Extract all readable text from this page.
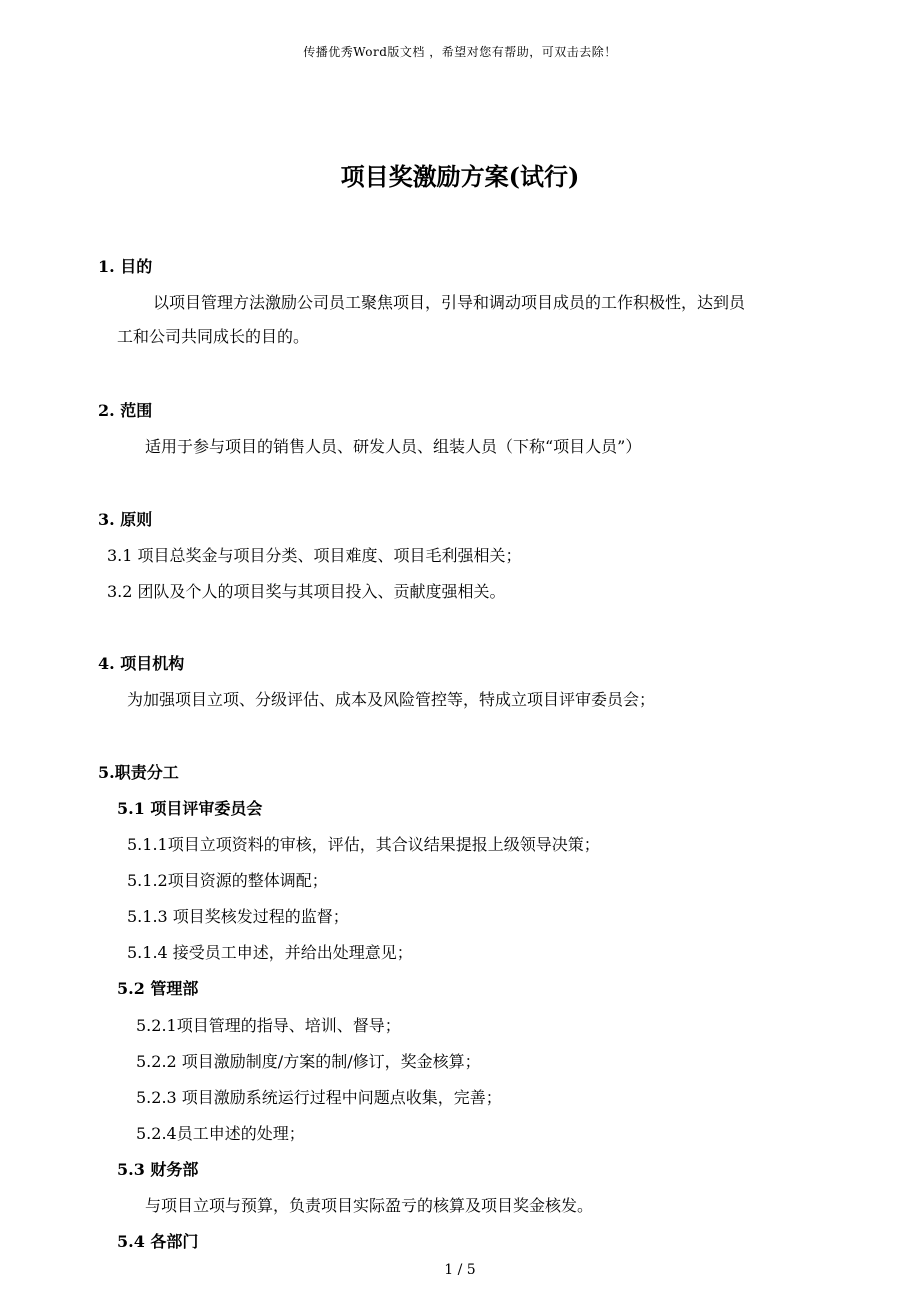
传播优秀Word版文档 ，希望对您有帮助，可双击去除！
项目奖激励方案(试行)
1. 目的
以项目管理方法激励公司员工聚焦项目，引导和调动项目成员的工作积极性，达到员
工和公司共同成长的目的。
2. 范围
适用于参与项目的销售人员、研发人员、组装人员（下称“项目人员”）
3. 原则
3.1 项目总奖金与项目分类、项目难度、项目毛利强相关；
3.2 团队及个人的项目奖与其项目投入、贡献度强相关。
4. 项目机构
为加强项目立项、分级评估、成本及风险管控等，特成立项目评审委员会；
5.职责分工
5.1 项目评审委员会
5.1.1项目立项资料的审核，评估，其合议结果提报上级领导决策；
5.1.2项目资源的整体调配；
5.1.3 项目奖核发过程的监督；
5.1.4 接受员工申述，并给出处理意见；
5.2 管理部
5.2.1项目管理的指导、培训、督导；
5.2.2 项目激励制度/方案的制/修订，奖金核算；
5.2.3 项目激励系统运行过程中问题点收集，完善；
5.2.4员工申述的处理；
5.3 财务部
与项目立项与预算，负责项目实际盈亏的核算及项目奖金核发。
5.4 各部门
1 / 5
